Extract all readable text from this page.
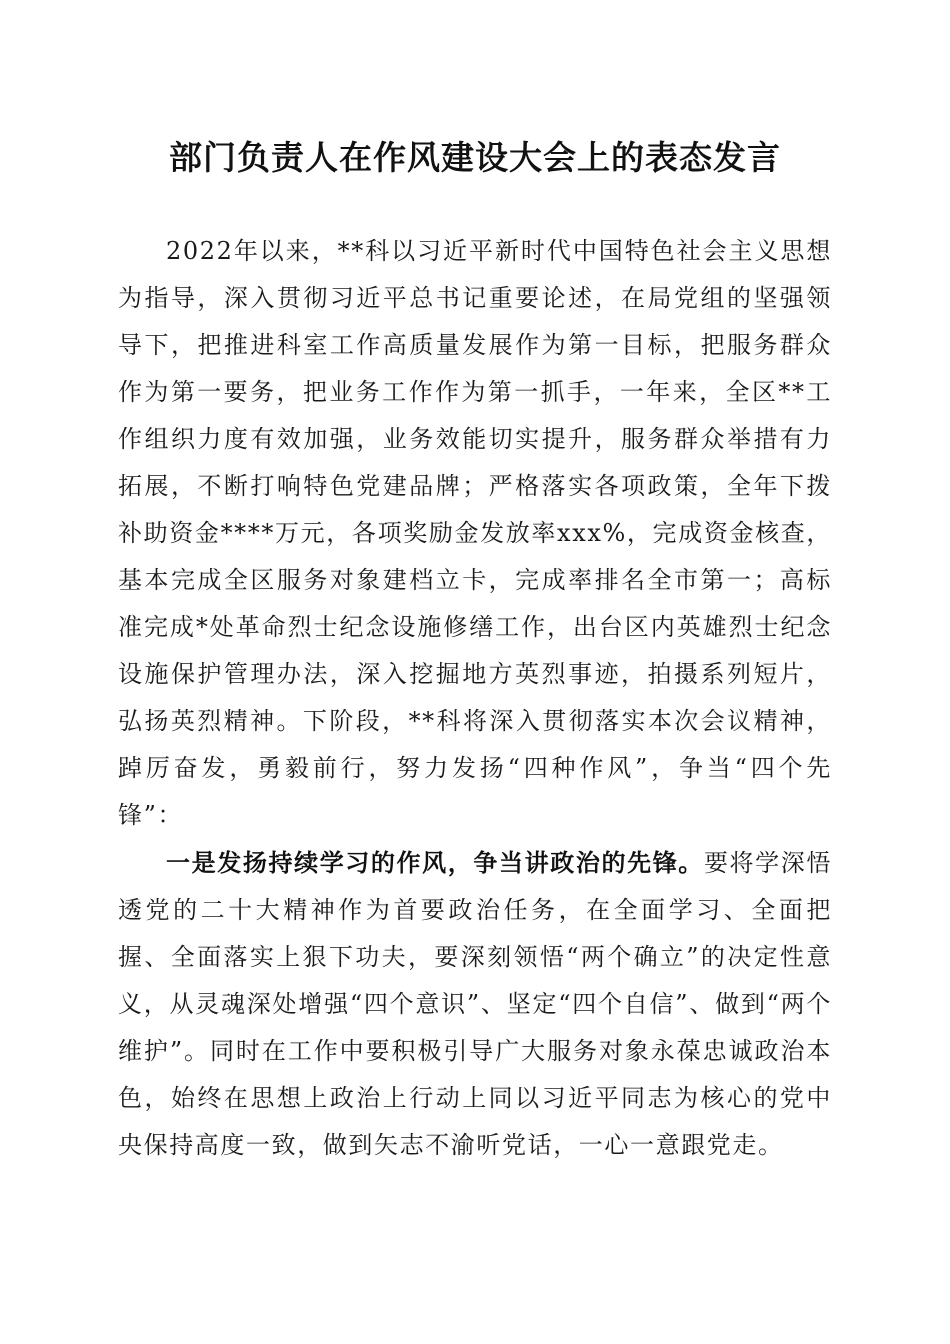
部门负责人在作风建设大会上的表态发言

2022年以来，**科以习近平新时代中国特色社会主义思想为指导，深入贯彻习近平总书记重要论述，在局党组的坚强领导下，把推进科室工作高质量发展作为第一目标，把服务群众作为第一要务，把业务工作作为第一抓手，一年来，全区**工作组织力度有效加强，业务效能切实提升，服务群众举措有力拓展，不断打响特色党建品牌；严格落实各项政策，全年下拨补助资金****万元，各项奖励金发放率xxx%，完成资金核查，基本完成全区服务对象建档立卡，完成率排名全市第一；高标准完成*处革命烈士纪念设施修缮工作，出台区内英雄烈士纪念设施保护管理办法，深入挖掘地方英烈事迹，拍摄系列短片，弘扬英烈精神。下阶段，**科将深入贯彻落实本次会议精神，踔厉奋发，勇毅前行，努力发扬“四种作风”，争当“四个先锋”：

一是发扬持续学习的作风，争当讲政治的先锋。要将学深悟透党的二十大精神作为首要政治任务，在全面学习、全面把握、全面落实上狠下功夫，要深刻领悟“两个确立”的决定性意义，从灵魂深处增强“四个意识”、坚定“四个自信”、做到“两个维护”。同时在工作中要积极引导广大服务对象永葆忠诚政治本色，始终在思想上政治上行动上同以习近平同志为核心的党中央保持高度一致，做到矢志不渝听党话，一心一意跟党走。
